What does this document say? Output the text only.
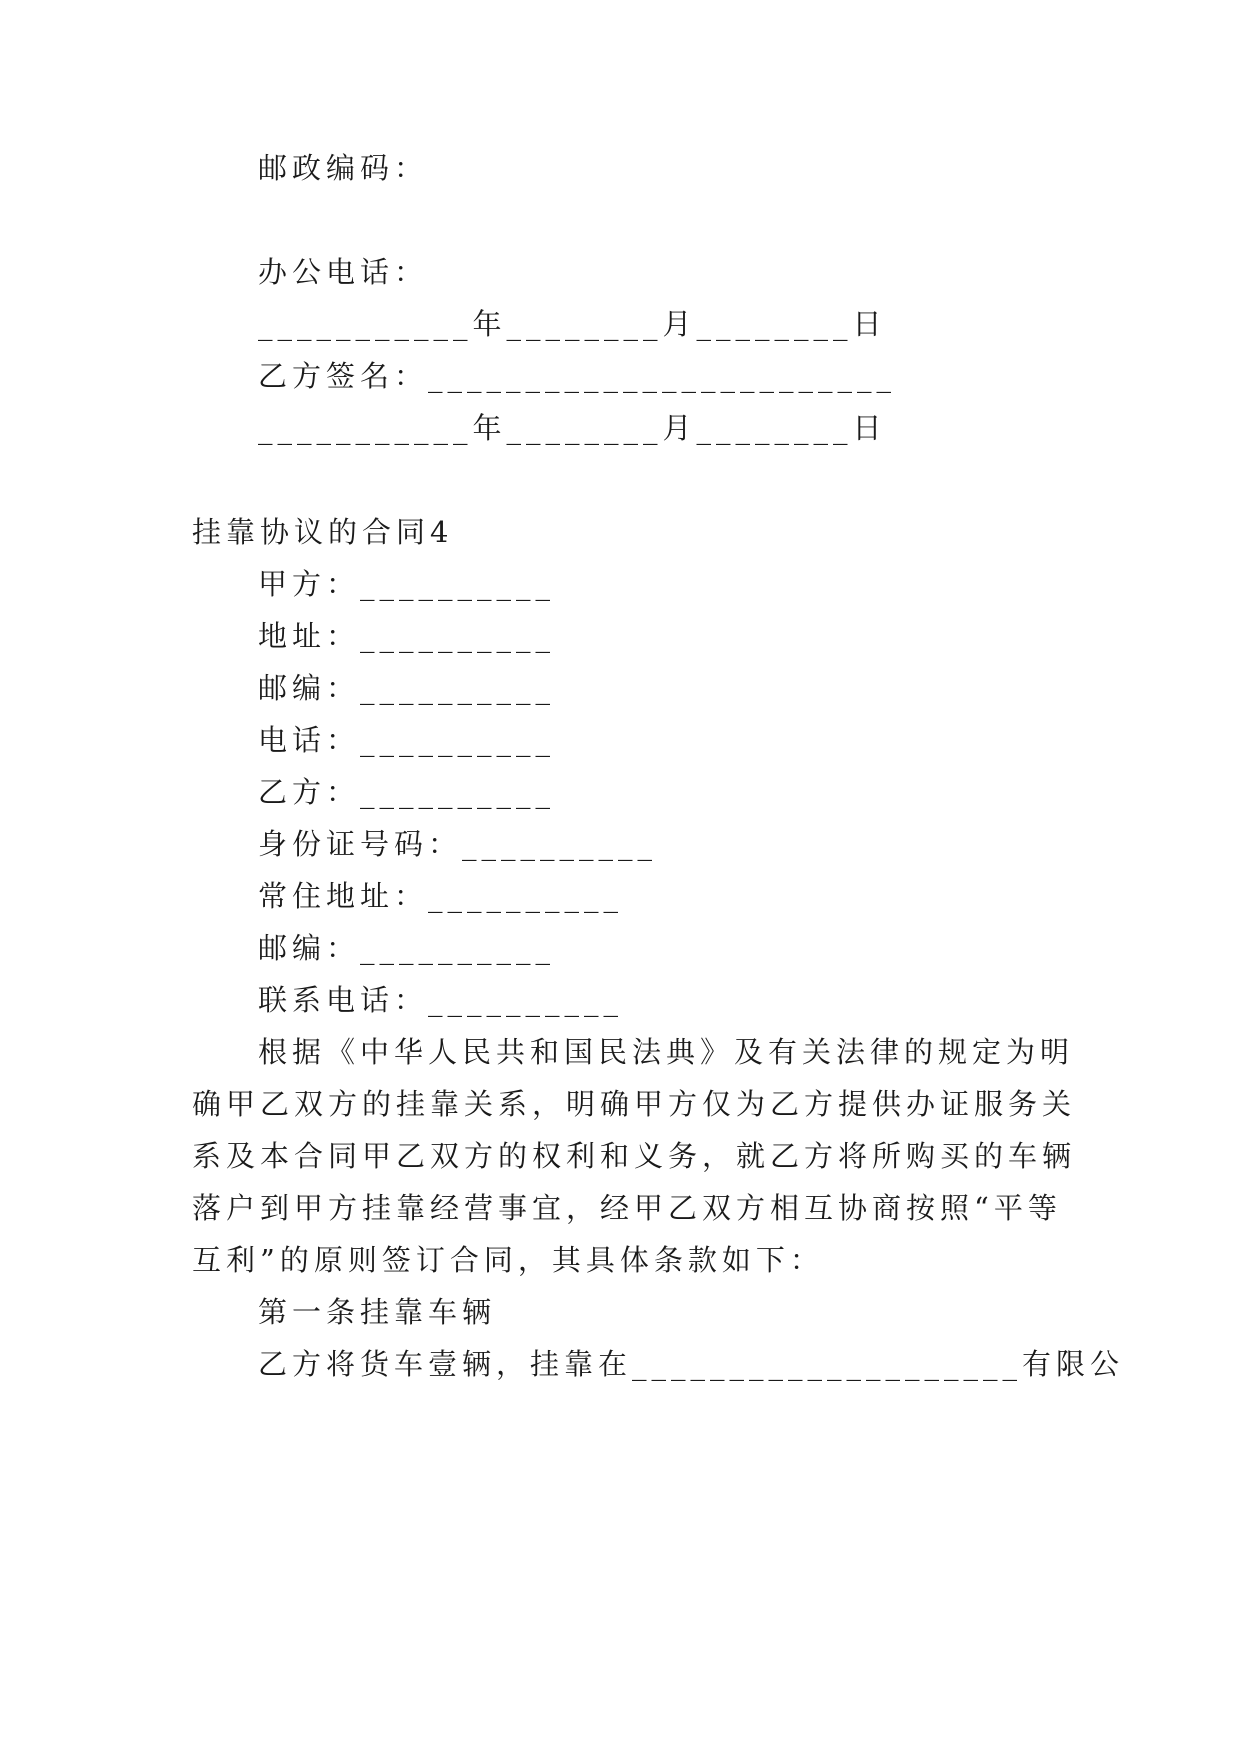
邮政编码：
办公电话：
___________年________月________日
乙方签名：________________________
___________年________月________日
挂靠协议的合同4
甲方：__________
地址：__________
邮编：__________
电话：__________
乙方：__________
身份证号码：__________
常住地址：__________
邮编：__________
联系电话：__________
根据《中华人民共和国民法典》及有关法律的规定为明
确甲乙双方的挂靠关系，明确甲方仅为乙方提供办证服务关
系及本合同甲乙双方的权利和义务，就乙方将所购买的车辆
落户到甲方挂靠经营事宜，经甲乙双方相互协商按照“平等
互利”的原则签订合同，其具体条款如下：
第一条挂靠车辆
乙方将货车壹辆，挂靠在____________________有限公
